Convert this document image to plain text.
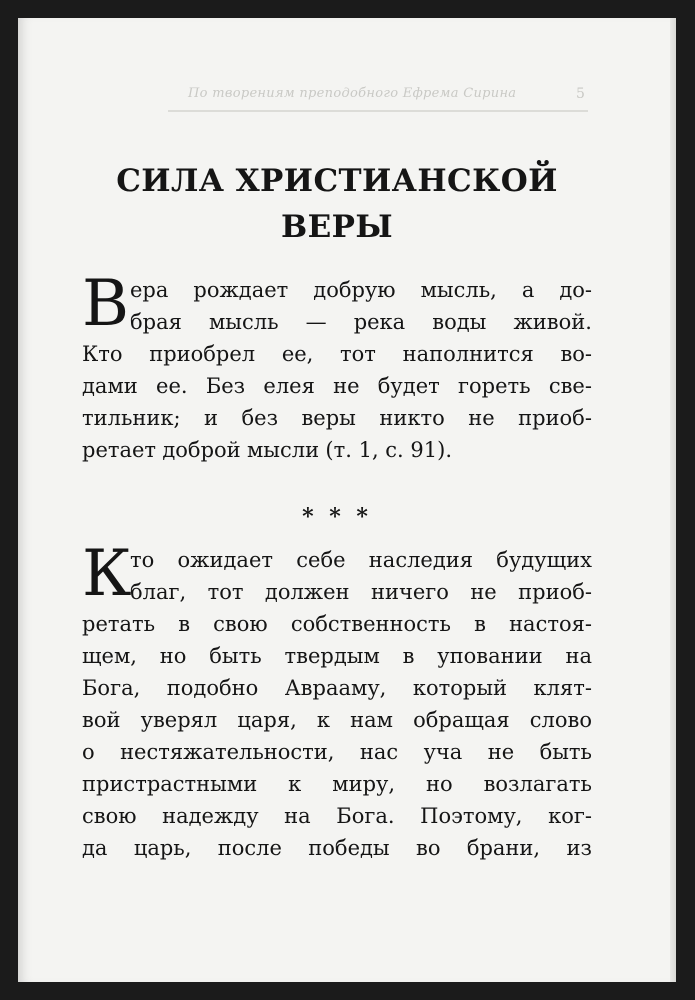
По творениям преподобного Ефрема Сирина	5
СИЛА ХРИСТИАНСКОЙ
ВЕРЫ
В ера рождает добрую мысль, а до-
брая мысль — река воды живой.
Кто приобрел ее, тот наполнится во-
дами ее. Без елея не будет гореть све-
тильник; и без веры никто не приоб-
ретает доброй мысли (т. 1, с. 91).
* * *
К
то ожидает себе наследия будущих
благ, тот должен ничего не приоб-
ретать в свою собственность в настоя-
щем, но быть твердым в уповании на
Бога, подобно Аврааму, который клят-
вой уверял царя, к нам обращая слово
о нестяжательности, нас уча не быть
пристрастными к миру, но возлагать
свою надежду на Бога. Поэтому, ког-
да царь, после победы во брани, из
